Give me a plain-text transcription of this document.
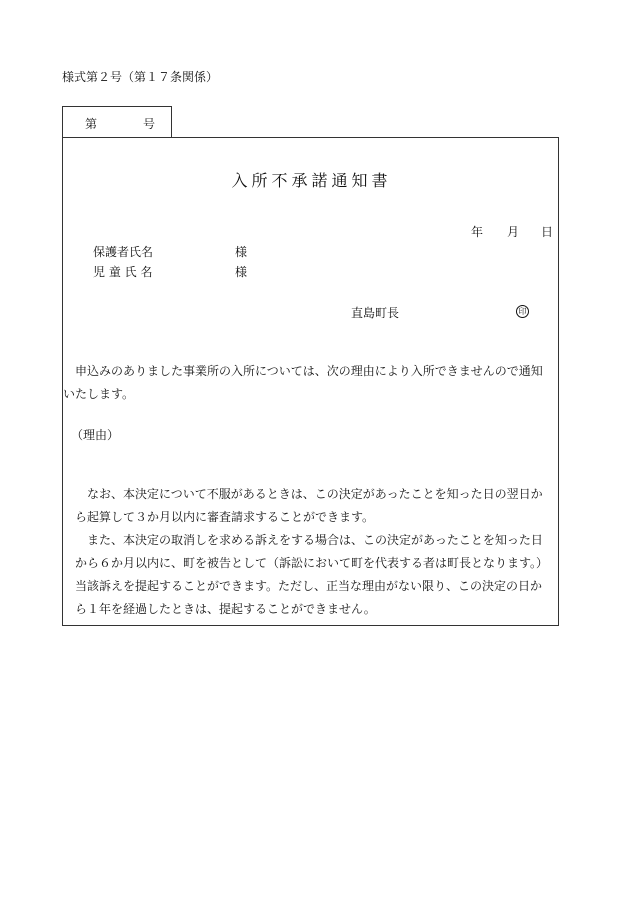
様式第２号（第１７条関係）
第	号
入所不承諾通知書
年 月 日
保護者氏名	様
児 童 氏 名	様
直島町長	印
申込みのありました事業所の入所については、次の理由により入所できませんので通知いたします。
（理由）
なお、本決定について不服があるときは、この決定があったことを知った日の翌日から起算して３か月以内に審査請求することができます。
また、本決定の取消しを求める訴えをする場合は、この決定があったことを知った日から６か月以内に、町を被告として（訴訟において町を代表する者は町長となります。）当該訴えを提起することができます。ただし、正当な理由がない限り、この決定の日から１年を経過したときは、提起することができません。
